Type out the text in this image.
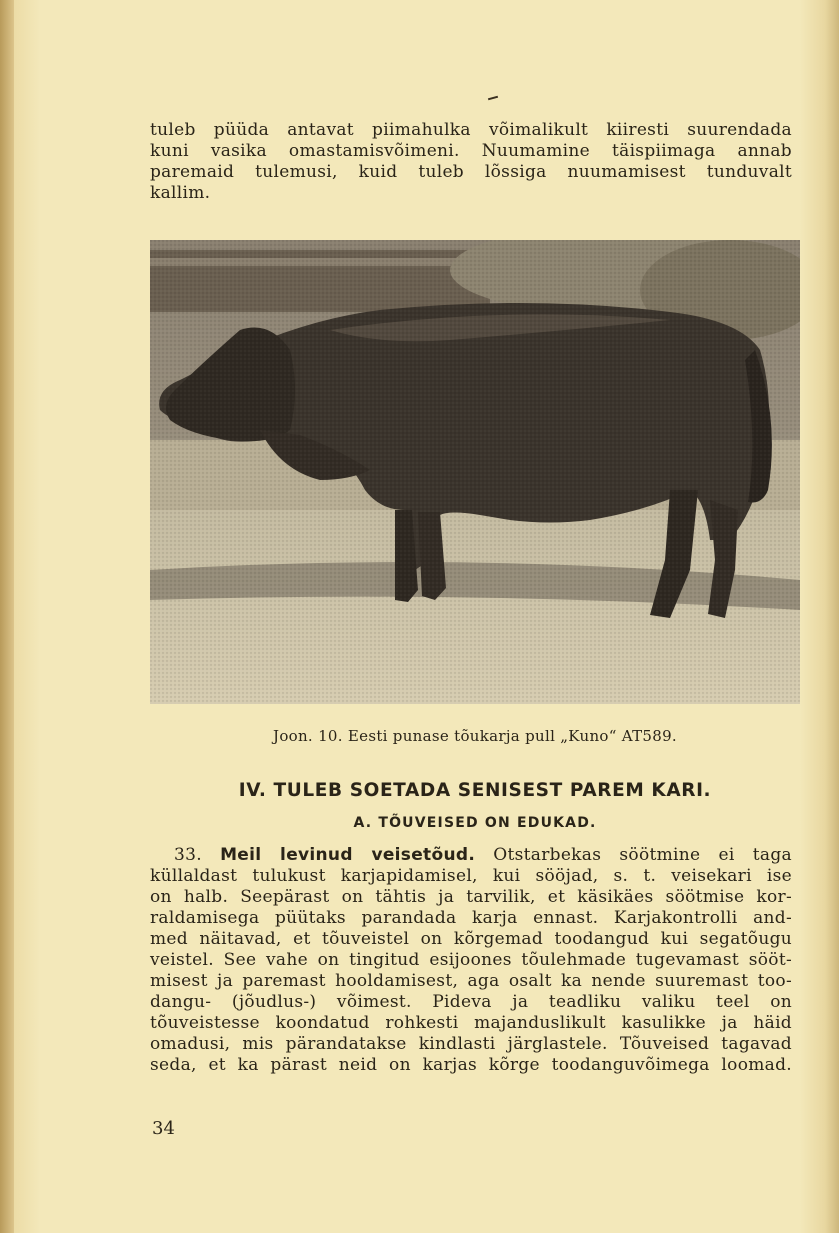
tuleb püüda antavat piimahulka võimalikult kiiresti suurendada
kuni vasika omastamisvõimeni. Nuumamine täispiimaga annab
paremaid tulemusi, kuid tuleb lõssiga nuumamisest tunduvalt
kallim.

Joon. 10. Eesti punase tõukarja pull „Kuno“ AT589.
IV. TULEB SOETADA SENISEST PAREM KARI.
A. TÕUVEISED ON EDUKAD.

33. Meil levinud veisetõud. Otstarbekas söötmine ei taga
küllaldast tulukust karjapidamisel, kui sööjad, s. t. veisekari ise
on halb. Seepärast on tähtis ja tarvilik, et käsikäes söötmise kor-
raldamisega püütaks parandada karja ennast. Karjakontrolli and-
med näitavad, et tõuveistel on kõrgemad toodangud kui segatõugu
veistel. See vahe on tingitud esijoones tõulehmade tugevamast sööt-
misest ja paremast hooldamisest, aga osalt ka nende suuremast too-
dangu- (jõudlus-) võimest. Pideva ja teadliku valiku teel on
tõuveistesse koondatud rohkesti majanduslikult kasulikke ja häid
omadusi, mis pärandatakse kindlasti järglastele. Tõuveised tagavad
seda, et ka pärast neid on karjas kõrge toodanguvõimega loomad.

34
